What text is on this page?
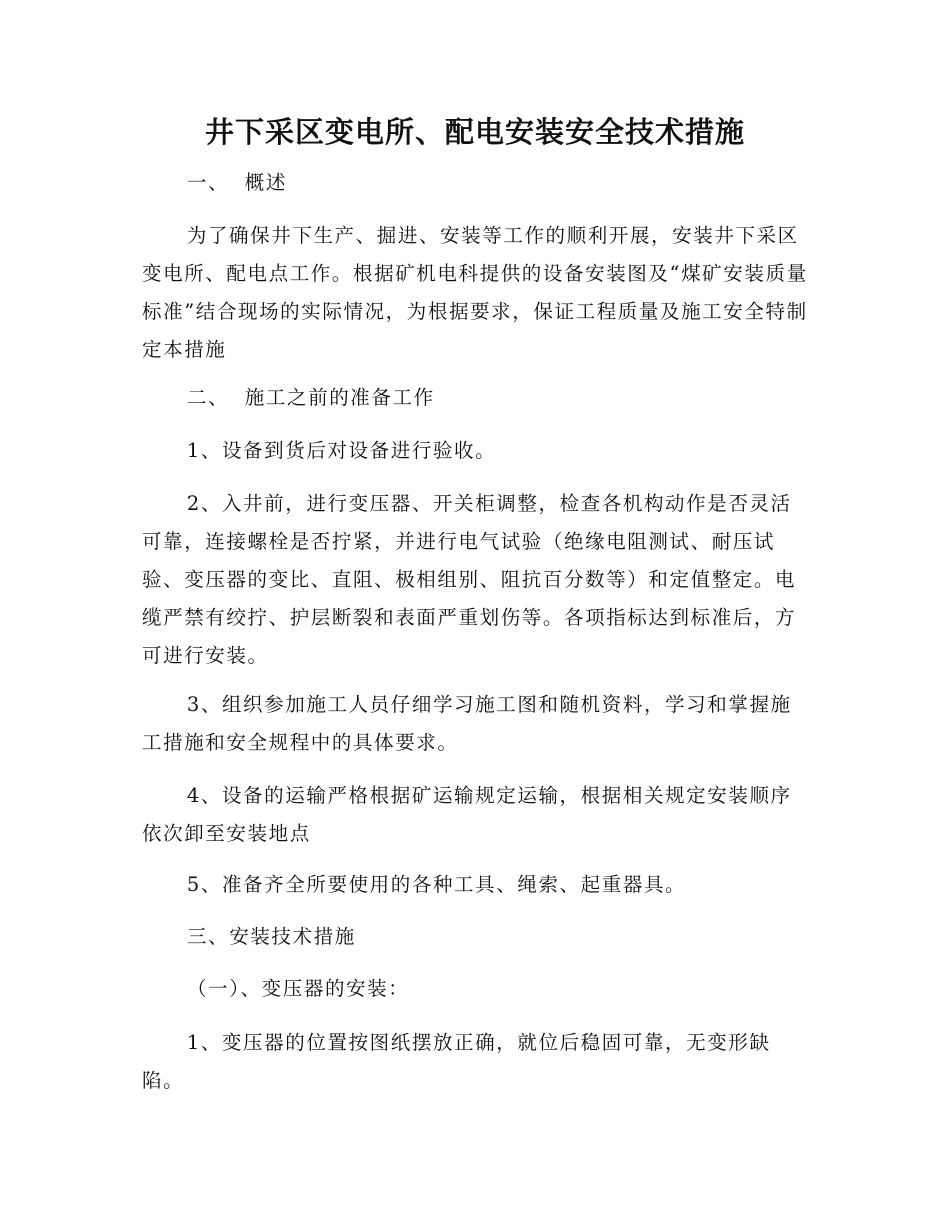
井下采区变电所、配电安装安全技术措施
一、  概述
为了确保井下生产、掘进、安装等工作的顺利开展，安装井下采区变电所、配电点工作。根据矿机电科提供的设备安装图及“煤矿安装质量标准”结合现场的实际情况，为根据要求，保证工程质量及施工安全特制定本措施
二、  施工之前的准备工作
1、设备到货后对设备进行验收。
2、入井前，进行变压器、开关柜调整，检查各机构动作是否灵活可靠，连接螺栓是否拧紧，并进行电气试验（绝缘电阻测试、耐压试验、变压器的变比、直阻、极相组别、阻抗百分数等）和定值整定。电缆严禁有绞拧、护层断裂和表面严重划伤等。各项指标达到标准后，方可进行安装。
3、组织参加施工人员仔细学习施工图和随机资料，学习和掌握施工措施和安全规程中的具体要求。
4、设备的运输严格根据矿运输规定运输，根据相关规定安装顺序依次卸至安装地点
5、准备齐全所要使用的各种工具、绳索、起重器具。
三、安装技术措施
（一）、变压器的安装：
1、变压器的位置按图纸摆放正确，就位后稳固可靠，无变形缺陷。
